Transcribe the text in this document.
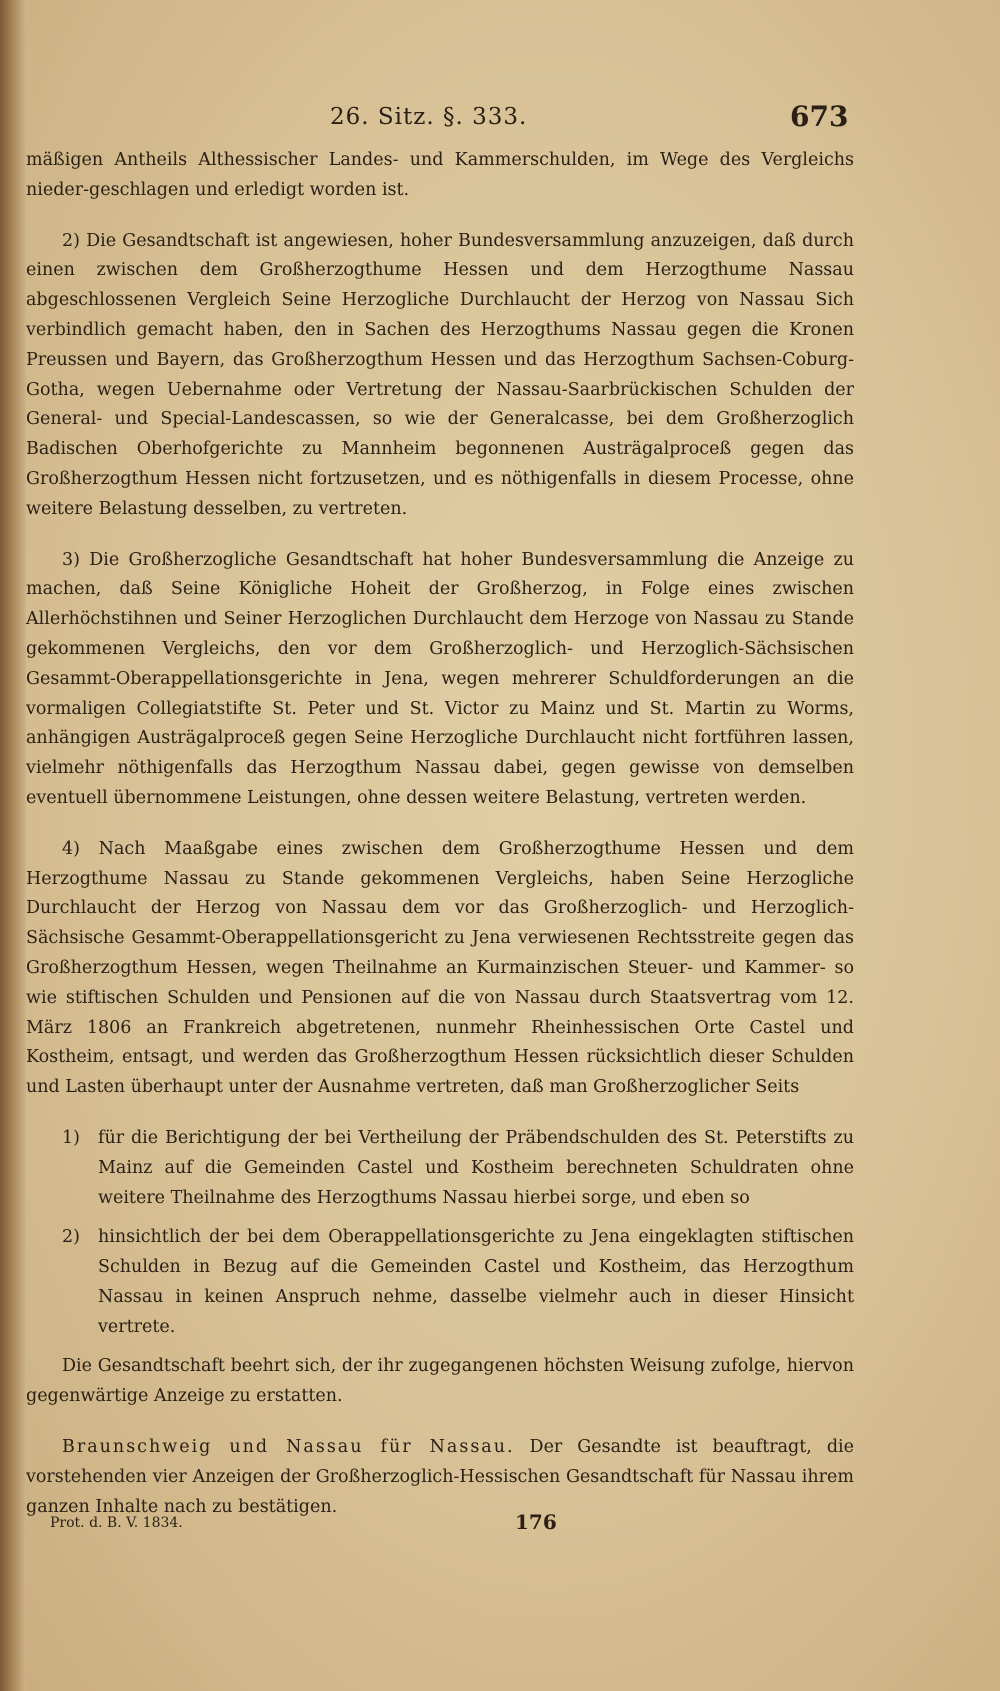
26. Sitz. §. 333.	673

mäßigen Antheils Althessischer Landes- und Kammerschulden, im Wege des Vergleichs nieder-geschlagen und erledigt worden ist.

2) Die Gesandtschaft ist angewiesen, hoher Bundesversammlung anzuzeigen, daß durch einen zwischen dem Großherzogthume Hessen und dem Herzogthume Nassau abgeschlossenen Vergleich Seine Herzogliche Durchlaucht der Herzog von Nassau Sich verbindlich gemacht haben, den in Sachen des Herzogthums Nassau gegen die Kronen Preussen und Bayern, das Großherzogthum Hessen und das Herzogthum Sachsen-Coburg-Gotha, wegen Uebernahme oder Vertretung der Nassau-Saarbrückischen Schulden der General- und Special-Landescassen, so wie der Generalcasse, bei dem Großherzoglich Badischen Oberhofgerichte zu Mannheim begonnenen Austrägalproceß gegen das Großherzogthum Hessen nicht fortzusetzen, und es nöthigenfalls in diesem Processe, ohne weitere Belastung desselben, zu vertreten.

3) Die Großherzogliche Gesandtschaft hat hoher Bundesversammlung die Anzeige zu machen, daß Seine Königliche Hoheit der Großherzog, in Folge eines zwischen Allerhöchstihnen und Seiner Herzoglichen Durchlaucht dem Herzoge von Nassau zu Stande gekommenen Vergleichs, den vor dem Großherzoglich- und Herzoglich-Sächsischen Gesammt-Oberappellationsgerichte in Jena, wegen mehrerer Schuldforderungen an die vormaligen Collegiatstifte St. Peter und St. Victor zu Mainz und St. Martin zu Worms, anhängigen Austrägalproceß gegen Seine Herzogliche Durchlaucht nicht fortführen lassen, vielmehr nöthigenfalls das Herzogthum Nassau dabei, gegen gewisse von demselben eventuell übernommene Leistungen, ohne dessen weitere Belastung, vertreten werden.

4) Nach Maaßgabe eines zwischen dem Großherzogthume Hessen und dem Herzogthume Nassau zu Stande gekommenen Vergleichs, haben Seine Herzogliche Durchlaucht der Herzog von Nassau dem vor das Großherzoglich- und Herzoglich-Sächsische Gesammt-Oberappellationsgericht zu Jena verwiesenen Rechtsstreite gegen das Großherzogthum Hessen, wegen Theilnahme an Kurmainzischen Steuer- und Kammer- so wie stiftischen Schulden und Pensionen auf die von Nassau durch Staatsvertrag vom 12. März 1806 an Frankreich abgetretenen, nunmehr Rheinhessischen Orte Castel und Kostheim, entsagt, und werden das Großherzogthum Hessen rücksichtlich dieser Schulden und Lasten überhaupt unter der Ausnahme vertreten, daß man Großherzoglicher Seits

1) für die Berichtigung der bei Vertheilung der Präbendschulden des St. Peterstifts zu Mainz auf die Gemeinden Castel und Kostheim berechneten Schuldraten ohne weitere Theilnahme des Herzogthums Nassau hierbei sorge, und eben so

2) hinsichtlich der bei dem Oberappellationsgerichte zu Jena eingeklagten stiftischen Schulden in Bezug auf die Gemeinden Castel und Kostheim, das Herzogthum Nassau in keinen Anspruch nehme, dasselbe vielmehr auch in dieser Hinsicht vertrete.

Die Gesandtschaft beehrt sich, der ihr zugegangenen höchsten Weisung zufolge, hiervon gegenwärtige Anzeige zu erstatten.

Braunschweig und Nassau für Nassau. Der Gesandte ist beauftragt, die vorstehenden vier Anzeigen der Großherzoglich-Hessischen Gesandtschaft für Nassau ihrem ganzen Inhalte nach zu bestätigen.

Prot. d. B. V. 1834.	176
